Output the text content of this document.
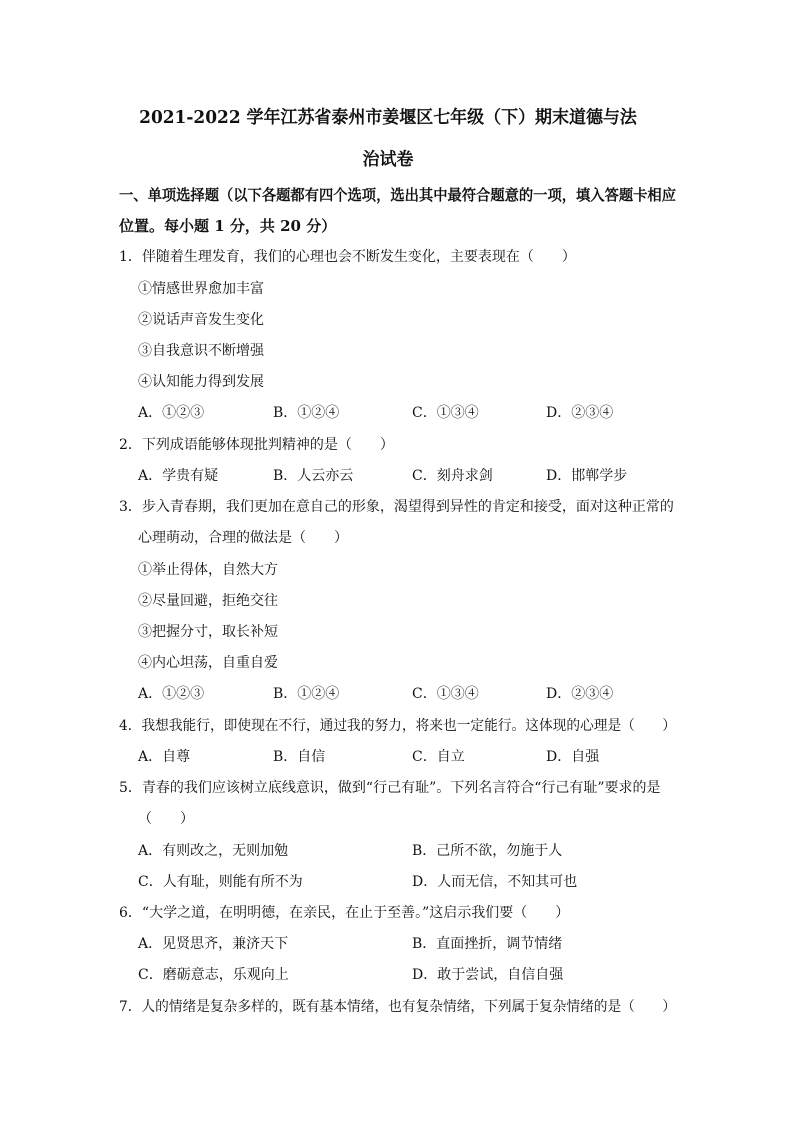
2021-2022 学年江苏省泰州市姜堰区七年级（下）期末道德与法
治试卷
一、单项选择题（以下各题都有四个选项，选出其中最符合题意的一项，填入答题卡相应
位置。每小题 1 分，共 20 分）
1．伴随着生理发育，我们的心理也会不断发生变化，主要表现在（　　）
①情感世界愈加丰富
②说话声音发生变化
③自我意识不断增强
④认知能力得到发展
A．①②③	B．①②④	C．①③④	D．②③④
2．下列成语能够体现批判精神的是（　　）
A．学贵有疑	B．人云亦云	C．刻舟求剑	D．邯郸学步
3．步入青春期，我们更加在意自己的形象，渴望得到异性的肯定和接受，面对这种正常的
心理萌动，合理的做法是（　　）
①举止得体，自然大方
②尽量回避，拒绝交往
③把握分寸，取长补短
④内心坦荡，自重自爱
A．①②③	B．①②④	C．①③④	D．②③④
4．我想我能行，即使现在不行，通过我的努力，将来也一定能行。这体现的心理是（　　）
A．自尊	B．自信	C．自立	D．自强
5．青春的我们应该树立底线意识，做到“行己有耻”。下列名言符合“行己有耻”要求的是
（　　）
A．有则改之，无则加勉	B．己所不欲，勿施于人
C．人有耻，则能有所不为	D．人而无信，不知其可也
6．“大学之道，在明明德，在亲民，在止于至善。”这启示我们要（　　）
A．见贤思齐，兼济天下	B．直面挫折，调节情绪
C．磨砺意志，乐观向上	D．敢于尝试，自信自强
7．人的情绪是复杂多样的，既有基本情绪，也有复杂情绪，下列属于复杂情绪的是（　　）
